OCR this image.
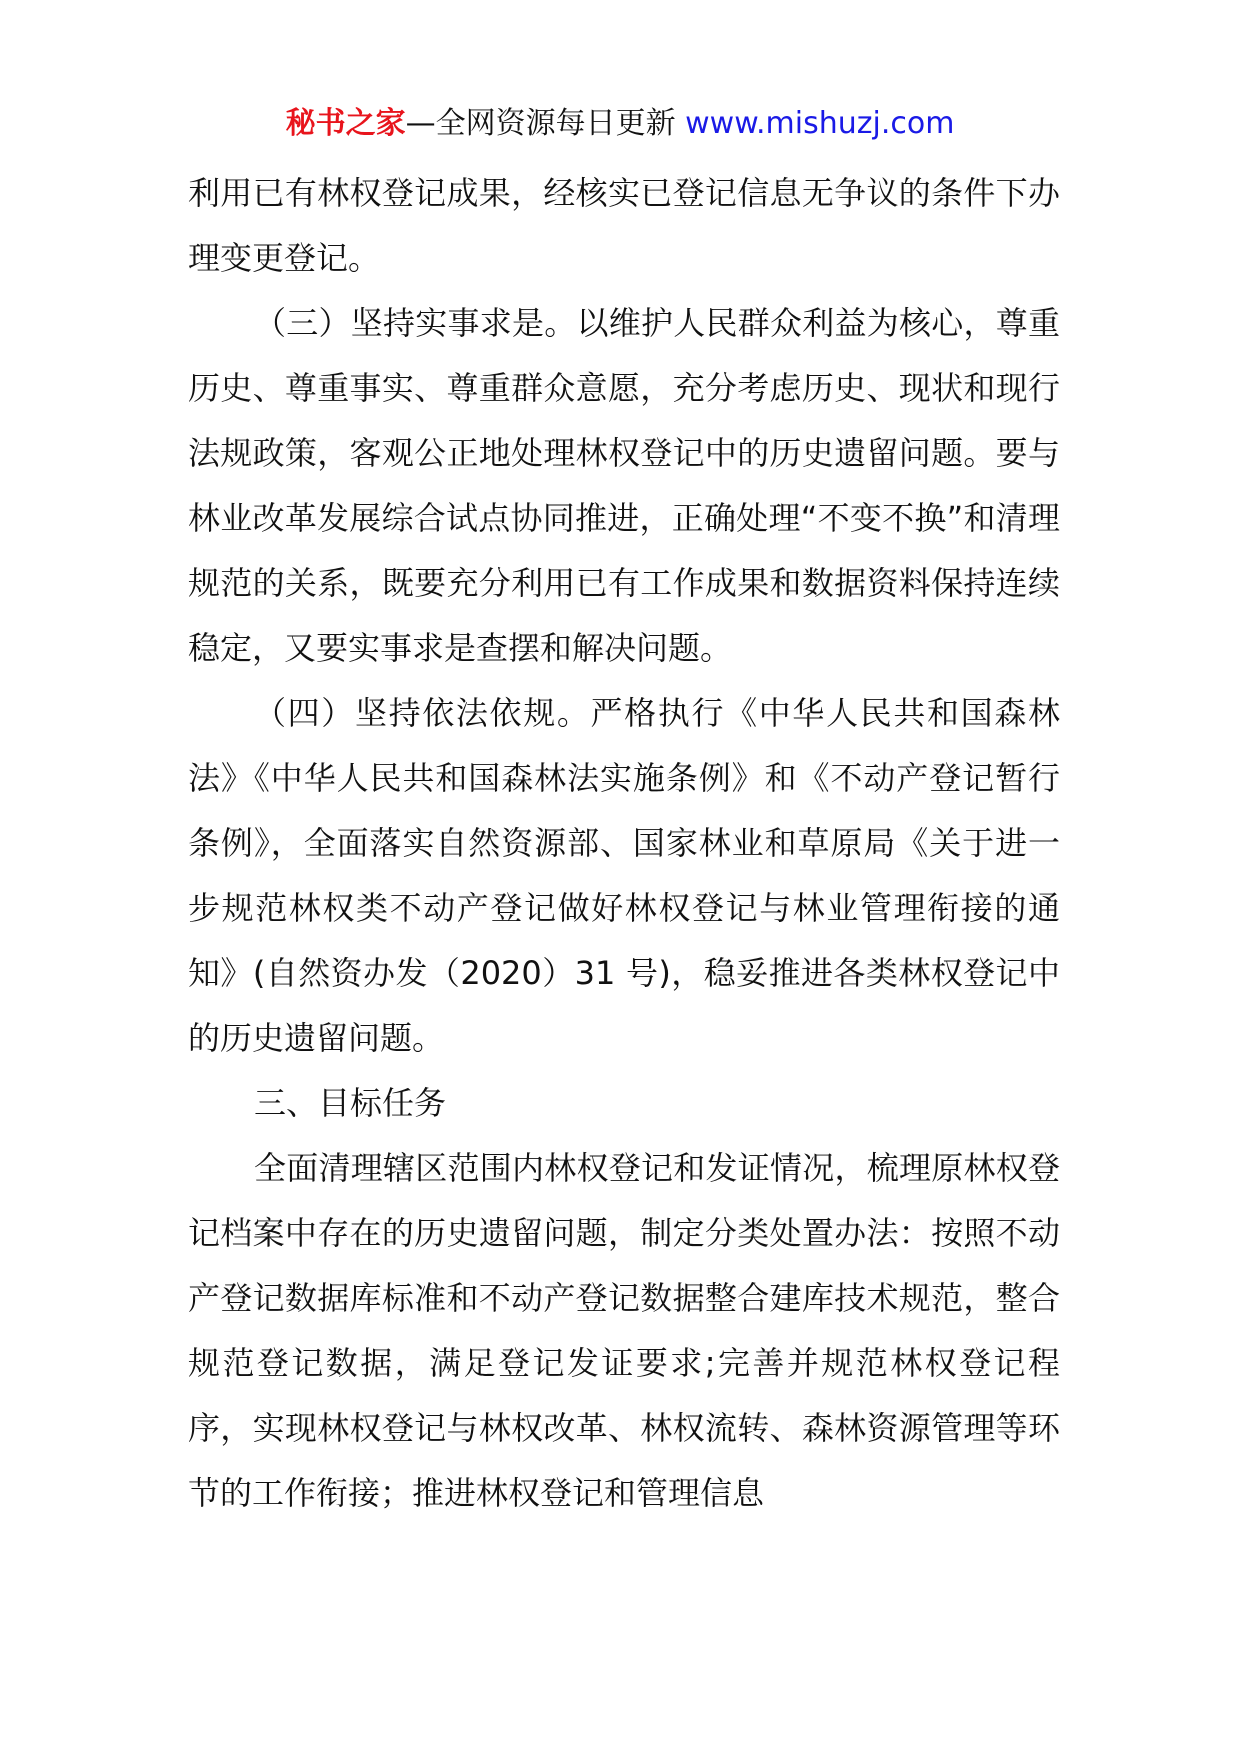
秘书之家—全网资源每日更新 www.mishuzj.com

利用已有林权登记成果，经核实已登记信息无争议的条件下办理变更登记。

（三）坚持实事求是。以维护人民群众利益为核心，尊重历史、尊重事实、尊重群众意愿，充分考虑历史、现状和现行法规政策，客观公正地处理林权登记中的历史遗留问题。要与林业改革发展综合试点协同推进，正确处理“不变不换”和清理规范的关系，既要充分利用已有工作成果和数据资料保持连续稳定，又要实事求是查摆和解决问题。

（四）坚持依法依规。严格执行《中华人民共和国森林法》《中华人民共和国森林法实施条例》和《不动产登记暂行条例》，全面落实自然资源部、国家林业和草原局《关于进一步规范林权类不动产登记做好林权登记与林业管理衔接的通知》(自然资办发（2020）31 号)，稳妥推进各类林权登记中的历史遗留问题。

三、目标任务

全面清理辖区范围内林权登记和发证情况，梳理原林权登记档案中存在的历史遗留问题，制定分类处置办法：按照不动产登记数据库标准和不动产登记数据整合建库技术规范，整合规范登记数据，满足登记发证要求;完善并规范林权登记程序，实现林权登记与林权改革、林权流转、森林资源管理等环节的工作衔接；推进林权登记和管理信息
